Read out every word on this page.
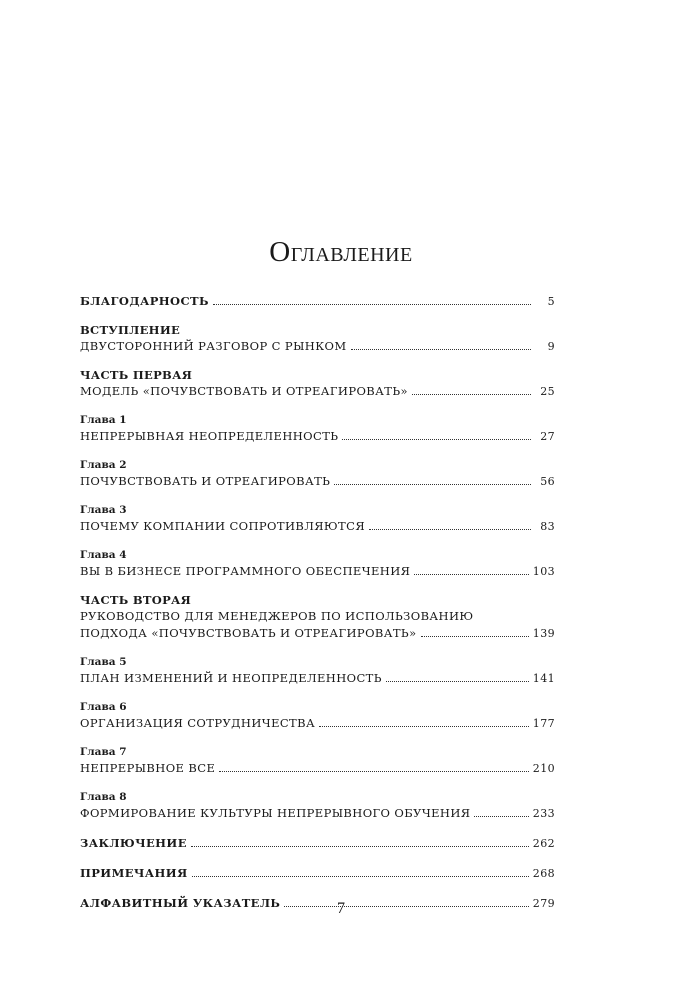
Оглавление
БЛАГОДАРНОСТЬ	5
ВСТУПЛЕНИЕ
ДВУСТОРОННИЙ РАЗГОВОР С РЫНКОМ	9
ЧАСТЬ ПЕРВАЯ
МОДЕЛЬ «ПОЧУВСТВОВАТЬ И ОТРЕАГИРОВАТЬ»	25
Глава 1
НЕПРЕРЫВНАЯ НЕОПРЕДЕЛЕННОСТЬ	27
Глава 2
ПОЧУВСТВОВАТЬ И ОТРЕАГИРОВАТЬ	56
Глава 3
ПОЧЕМУ КОМПАНИИ СОПРОТИВЛЯЮТСЯ	83
Глава 4
ВЫ В БИЗНЕСЕ ПРОГРАММНОГО ОБЕСПЕЧЕНИЯ	103
ЧАСТЬ ВТОРАЯ
РУКОВОДСТВО ДЛЯ МЕНЕДЖЕРОВ ПО ИСПОЛЬЗОВАНИЮ
ПОДХОДА «ПОЧУВСТВОВАТЬ И ОТРЕАГИРОВАТЬ»	139
Глава 5
ПЛАН ИЗМЕНЕНИЙ И НЕОПРЕДЕЛЕННОСТЬ	141
Глава 6
ОРГАНИЗАЦИЯ СОТРУДНИЧЕСТВА	177
Глава 7
НЕПРЕРЫВНОЕ ВСЕ	210
Глава 8
ФОРМИРОВАНИЕ КУЛЬТУРЫ НЕПРЕРЫВНОГО ОБУЧЕНИЯ	233
ЗАКЛЮЧЕНИЕ	262
ПРИМЕЧАНИЯ	268
АЛФАВИТНЫЙ УКАЗАТЕЛЬ	279
7
